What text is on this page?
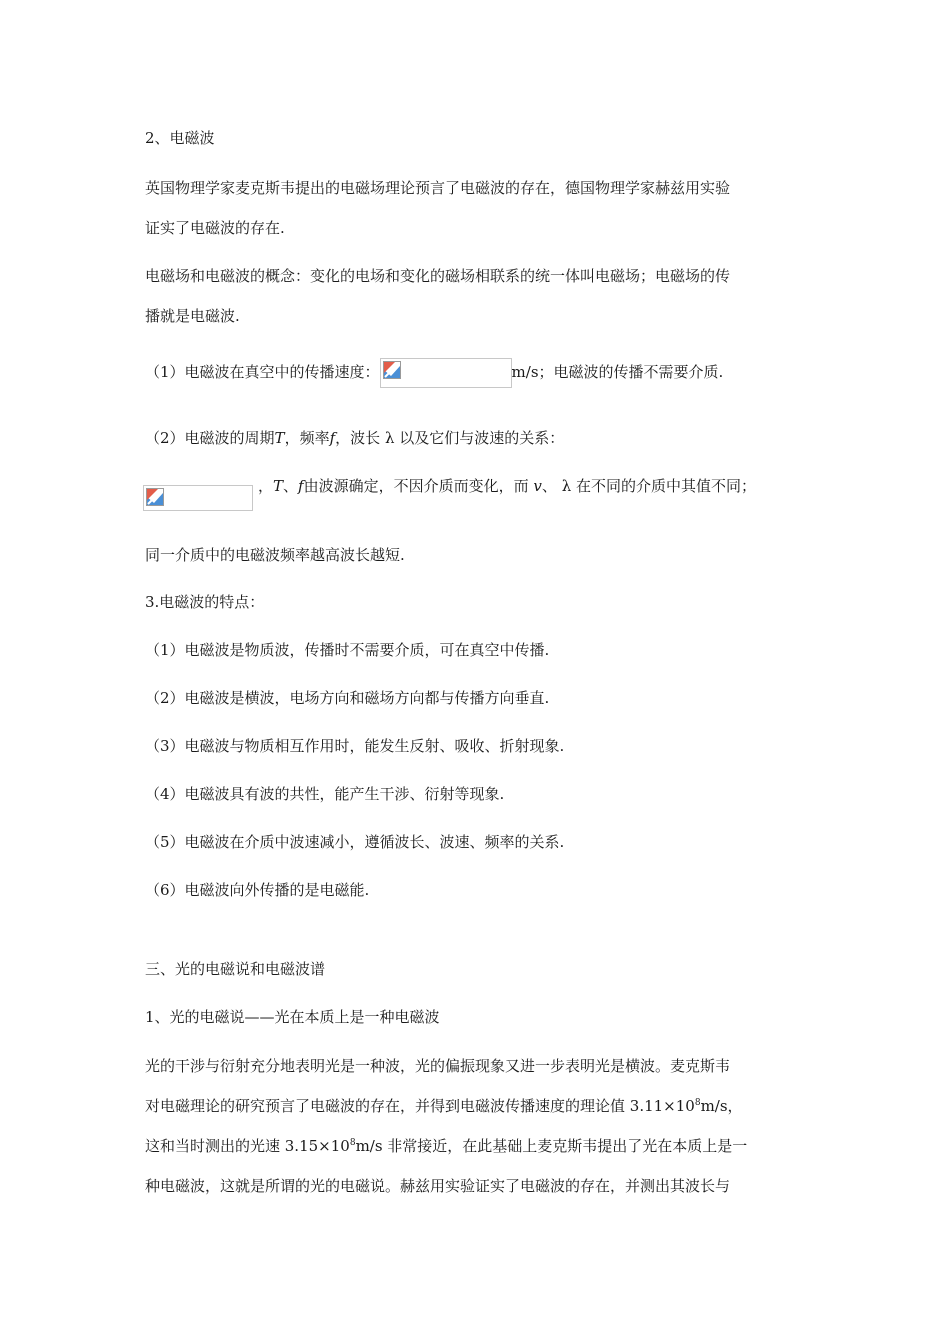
2、电磁波
英国物理学家麦克斯韦提出的电磁场理论预言了电磁波的存在，德国物理学家赫兹用实验
证实了电磁波的存在.
电磁场和电磁波的概念：变化的电场和变化的磁场相联系的统一体叫电磁场；电磁场的传
播就是电磁波.
（1）电磁波在真空中的传播速度：	m/s；电磁波的传播不需要介质.
（2）电磁波的周期T，频率f，波长 λ 以及它们与波速的关系：
，T、f由波源确定，不因介质而变化，而 v、 λ 在不同的介质中其值不同；
同一介质中的电磁波频率越高波长越短.
3.电磁波的特点：
（1）电磁波是物质波，传播时不需要介质，可在真空中传播.
（2）电磁波是横波，电场方向和磁场方向都与传播方向垂直.
（3）电磁波与物质相互作用时，能发生反射、吸收、折射现象.
（4）电磁波具有波的共性，能产生干涉、衍射等现象.
（5）电磁波在介质中波速减小，遵循波长、波速、频率的关系.
（6）电磁波向外传播的是电磁能.
三、光的电磁说和电磁波谱
1、光的电磁说——光在本质上是一种电磁波
光的干涉与衍射充分地表明光是一种波，光的偏振现象又进一步表明光是横波。麦克斯韦
对电磁理论的研究预言了电磁波的存在，并得到电磁波传播速度的理论值 $3.11\times 10^8m/s$，
这和当时测出的光速 $3.15\times 10^8m/s$ 非常接近，在此基础上麦克斯韦提出了光在本质上是一
种电磁波，这就是所谓的光的电磁说。赫兹用实验证实了电磁波的存在，并测出其波长与
